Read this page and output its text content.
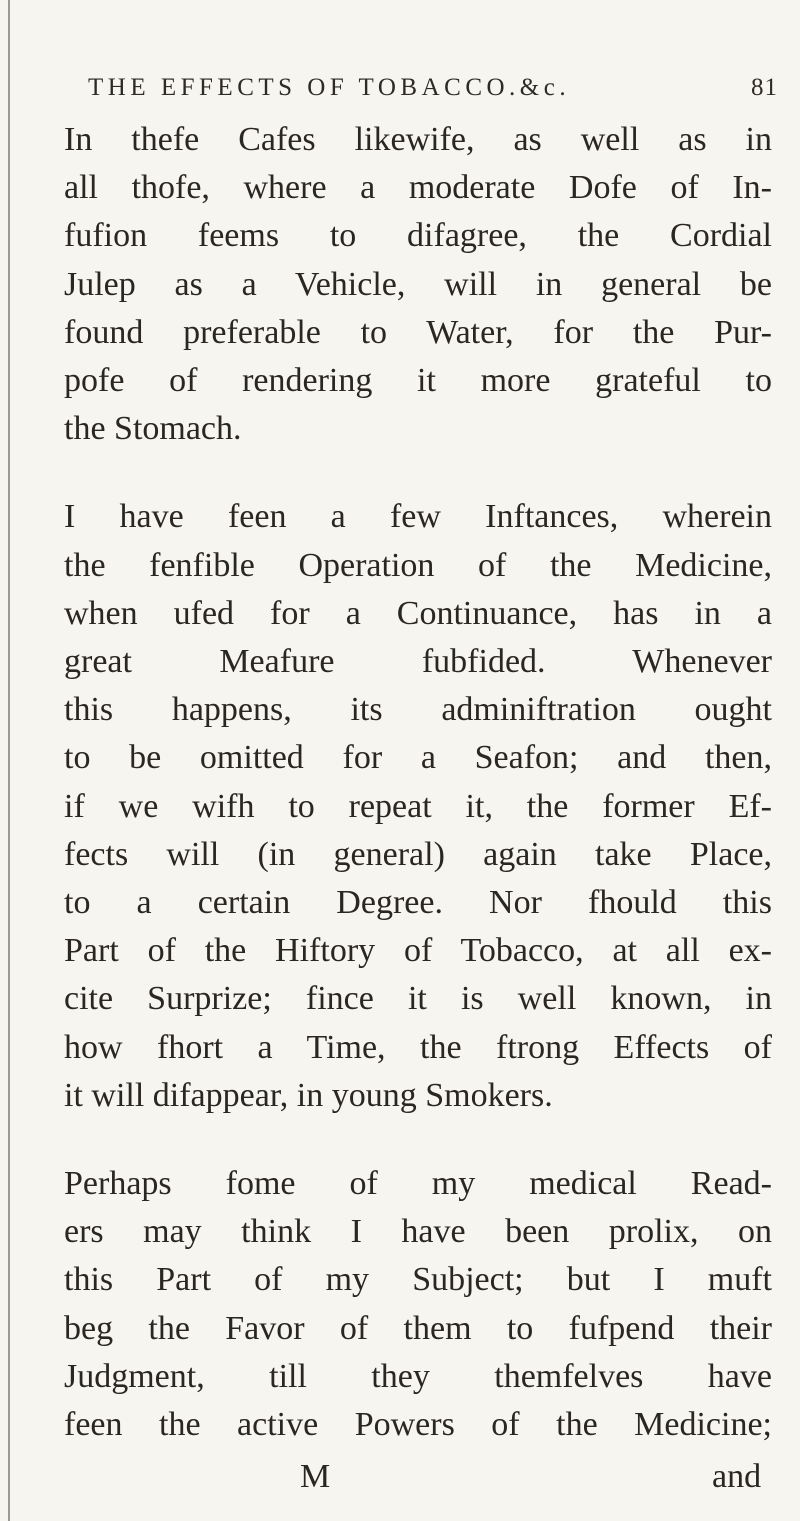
THE EFFECTS OF TOBACCO.&c.	81

In thefe Cafes likewife, as well as in
all thofe, where a moderate Dofe of In-
fufion feems to difagree, the Cordial
Julep as a Vehicle, will in general be
found preferable to Water, for the Pur-
pofe of rendering it more grateful to
the Stomach.

I have feen a few Inftances, wherein
the fenfible Operation of the Medicine,
when ufed for a Continuance, has in a
great Meafure fubfided. Whenever
this happens, its adminiftration ought
to be omitted for a Seafon; and then,
if we wifh to repeat it, the former Ef-
fects will (in general) again take Place,
to a certain Degree. Nor fhould this
Part of the Hiftory of Tobacco, at all ex-
cite Surprize; fince it is well known, in
how fhort a Time, the ftrong Effects of
it will difappear, in young Smokers.

Perhaps fome of my medical Read-
ers may think I have been prolix, on
this Part of my Subject; but I muft
beg the Favor of them to fufpend their
Judgment, till they themfelves have
feen the active Powers of the Medicine;

M	and
